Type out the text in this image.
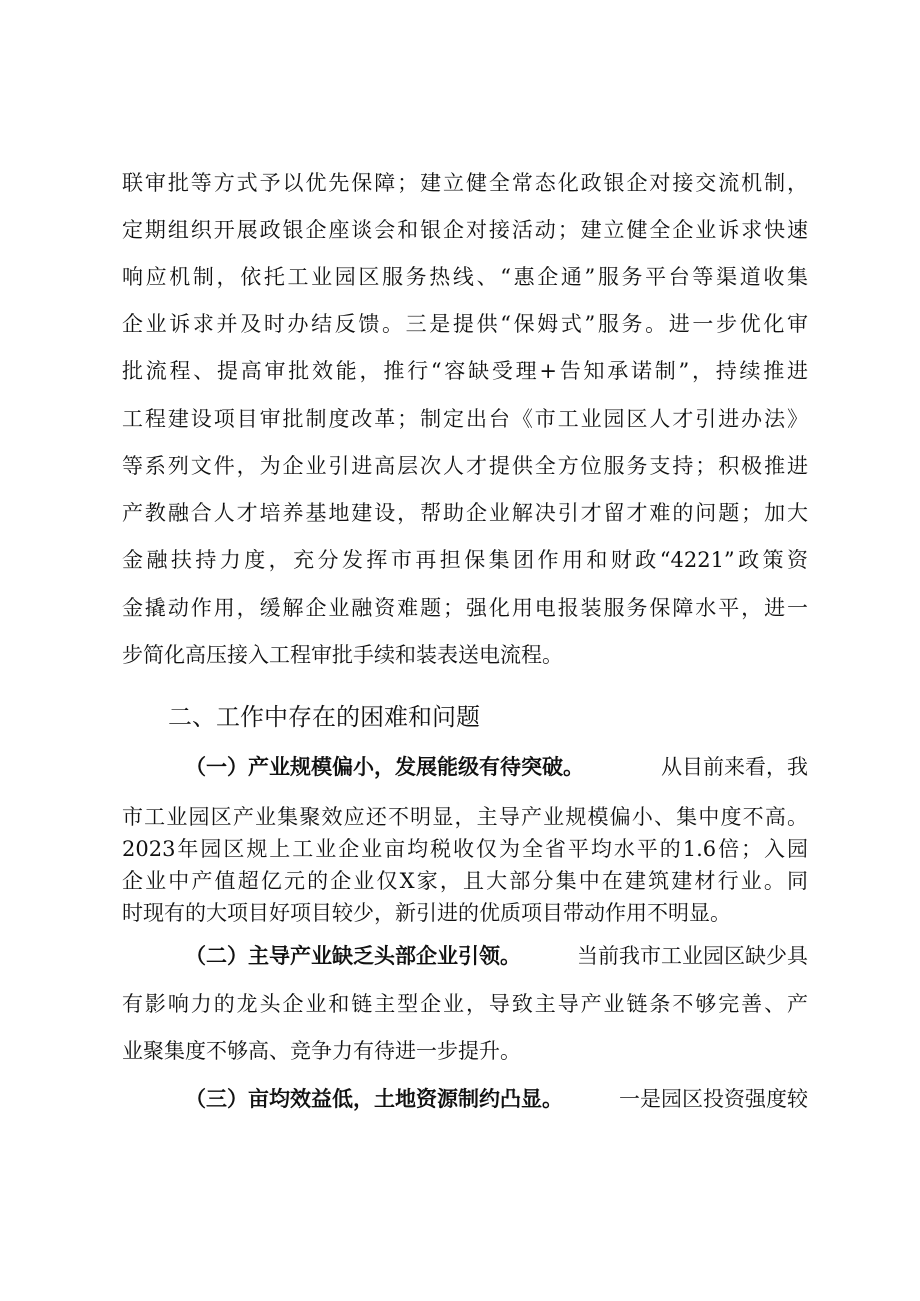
联审批等方式予以优先保障；建立健全常态化政银企对接交流机制，
定期组织开展政银企座谈会和银企对接活动；建立健全企业诉求快速
响应机制，依托工业园区服务热线、“惠企通”服务平台等渠道收集
企业诉求并及时办结反馈。三是提供“保姆式”服务。进一步优化审
批流程、提高审批效能，推行“容缺受理+告知承诺制”，持续推进
工程建设项目审批制度改革；制定出台《市工业园区人才引进办法》
等系列文件，为企业引进高层次人才提供全方位服务支持；积极推进
产教融合人才培养基地建设，帮助企业解决引才留才难的问题；加大
金融扶持力度，充分发挥市再担保集团作用和财政“4221”政策资
金撬动作用，缓解企业融资难题；强化用电报装服务保障水平，进一
步简化高压接入工程审批手续和装表送电流程。
二、工作中存在的困难和问题
（一）产业规模偏小，发展能级有待突破。	从目前来看，我
市工业园区产业集聚效应还不明显，主导产业规模偏小、集中度不高。
2023年园区规上工业企业亩均税收仅为全省平均水平的1.6倍；入园
企业中产值超亿元的企业仅X家，且大部分集中在建筑建材行业。同
时现有的大项目好项目较少，新引进的优质项目带动作用不明显。
（二）主导产业缺乏头部企业引领。	当前我市工业园区缺少具
有影响力的龙头企业和链主型企业，导致主导产业链条不够完善、产
业聚集度不够高、竞争力有待进一步提升。
（三）亩均效益低，土地资源制约凸显。	一是园区投资强度较
